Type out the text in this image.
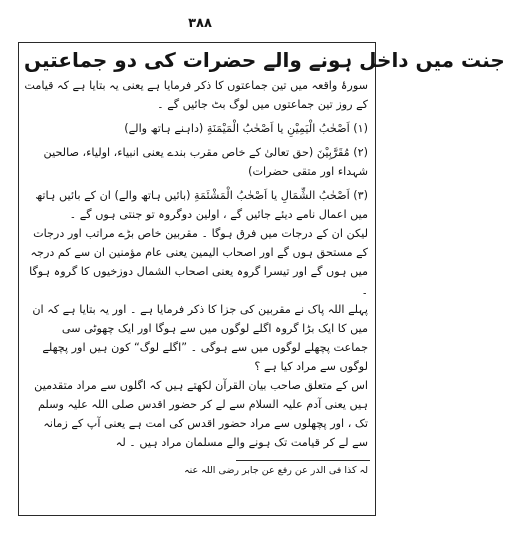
۳۸۸
جنت میں داخل ہونے والے حضرات کی دو جماعتیں

سورۂ واقعہ میں تین جماعتوں کا ذکر فرمایا ہے یعنی یہ بتایا ہے کہ قیامت کے روز تین جماعتوں میں لوگ بٹ جائیں گے ۔

(۱) اَصْحٰبُ الْیَمِیْنِ یا اَصْحٰبُ الْمَیْمَنَةِ (داہنے ہاتھ والے)

(۲) مُقَرَّبِیْنَ (حق تعالیٰ کے خاص مقرب بندے یعنی انبیاء، اولیاء، صالحین شہداء اور متقی حضرات)

(۳) اَصْحٰبُ الشِّمَالِ یا اَصْحٰبُ الْمَشْئَمَةِ (بائیں ہاتھ والے) ان کے بائیں ہاتھ میں اعمال نامے دیئے جائیں گے ، اولین دوگروہ تو جنتی ہوں گے ۔

لیکن ان کے درجات میں فرق ہوگا ۔ مقربین خاص بڑے مراتب اور درجات کے مستحق ہوں گے اور اصحاب الیمین یعنی عام مؤمنین ان سے کم درجہ میں ہوں گے اور تیسرا گروہ یعنی اصحاب الشمال دوزخیوں کا گروہ ہوگا ۔

پہلے اللہ پاک نے مقربین کی جزا کا ذکر فرمایا ہے ۔ اور یہ بتایا ہے کہ ان میں کا ایک بڑا گروہ اگلے لوگوں میں سے ہوگا اور ایک چھوٹی سی جماعت پچھلے لوگوں میں سے ہوگی ۔ ”اگلے لوگ“ کون ہیں اور پچھلے لوگوں سے مراد کیا ہے ؟

اس کے متعلق صاحب بیان القرآن لکھتے ہیں کہ اگلوں سے مراد متقدمین ہیں یعنی آدم علیہ السلام سے لے کر حضور اقدس صلی اللہ علیہ وسلم تک ، اور پچھلوں سے مراد حضور اقدس کی امت ہے یعنی آپ کے زمانہ سے لے کر قیامت تک ہونے والے مسلمان مراد ہیں ۔ لہ

لہ کذا فی الدر عن رفع عن جابر رضی اللہ عنہ
